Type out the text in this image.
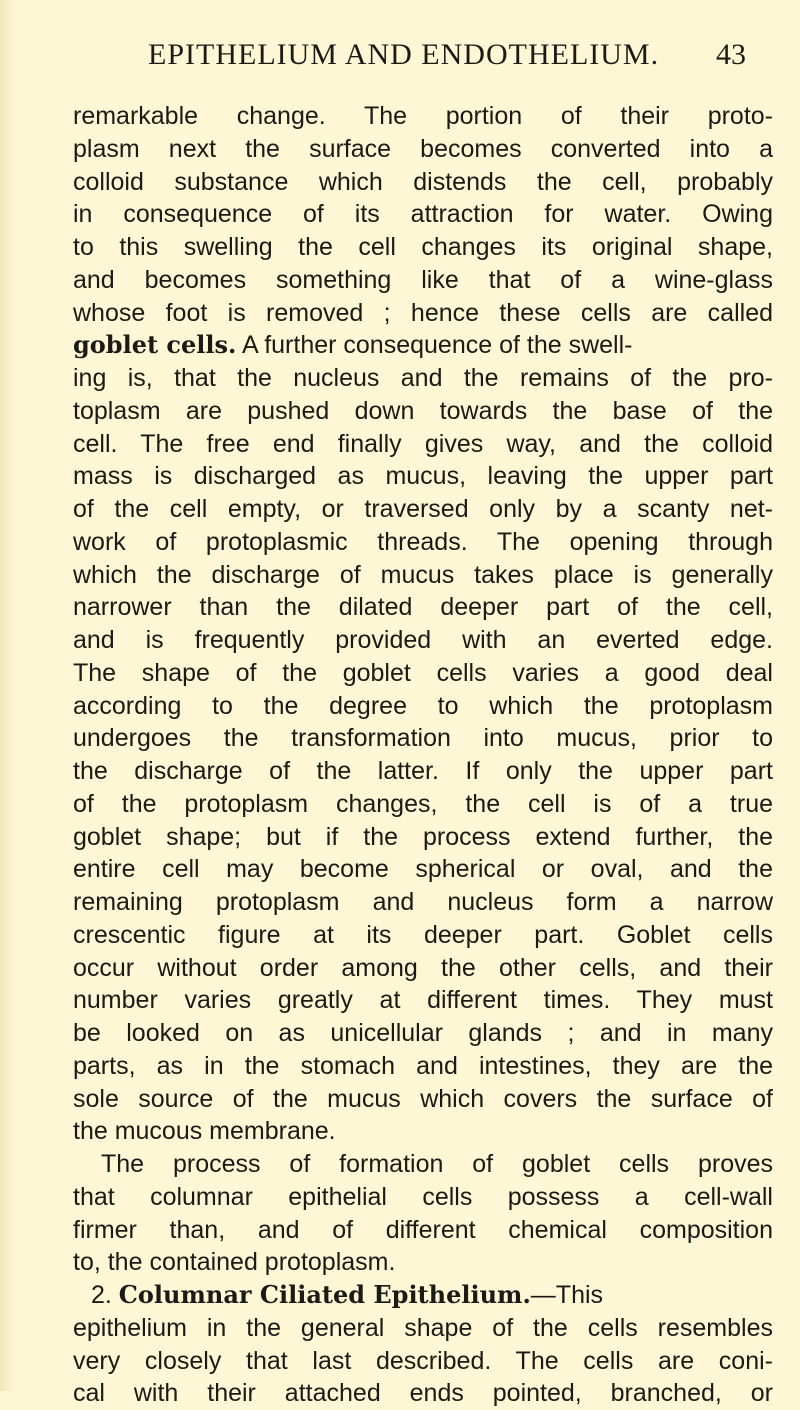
EPITHELIUM AND ENDOTHELIUM. 43
remarkable change. The portion of their proto-
plasm next the surface becomes converted into a
colloid substance which distends the cell, probably
in consequence of its attraction for water. Owing
to this swelling the cell changes its original shape,
and becomes something like that of a wine-glass
whose foot is removed ; hence these cells are called
goblet cells. A further consequence of the swell-
ing is, that the nucleus and the remains of the pro-
toplasm are pushed down towards the base of the
cell. The free end finally gives way, and the colloid
mass is discharged as mucus, leaving the upper part
of the cell empty, or traversed only by a scanty net-
work of protoplasmic threads. The opening through
which the discharge of mucus takes place is generally
narrower than the dilated deeper part of the cell,
and is frequently provided with an everted edge.
The shape of the goblet cells varies a good deal
according to the degree to which the protoplasm
undergoes the transformation into mucus, prior to
the discharge of the latter. If only the upper part
of the protoplasm changes, the cell is of a true
goblet shape; but if the process extend further, the
entire cell may become spherical or oval, and the
remaining protoplasm and nucleus form a narrow
crescentic figure at its deeper part. Goblet cells
occur without order among the other cells, and their
number varies greatly at different times. They must
be looked on as unicellular glands ; and in many
parts, as in the stomach and intestines, they are the
sole source of the mucus which covers the surface of
the mucous membrane.
The process of formation of goblet cells proves
that columnar epithelial cells possess a cell-wall
firmer than, and of different chemical composition
to, the contained protoplasm.
2. Columnar Ciliated Epithelium.—This
epithelium in the general shape of the cells resembles
very closely that last described. The cells are coni-
cal with their attached ends pointed, branched, or
